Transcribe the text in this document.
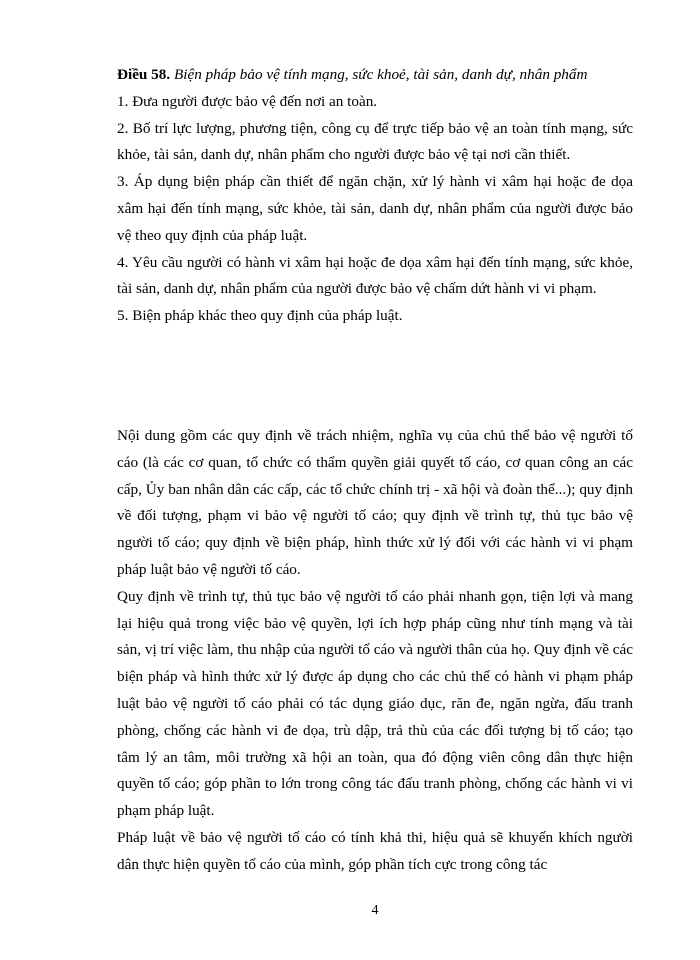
Điều 58. Biện pháp bảo vệ tính mạng, sức khoẻ, tài sản, danh dự, nhân phẩm

1. Đưa người được bảo vệ đến nơi an toàn.

2. Bố trí lực lượng, phương tiện, công cụ để trực tiếp bảo vệ an toàn tính mạng, sức khỏe, tài sản, danh dự, nhân phẩm cho người được bảo vệ tại nơi cần thiết.

3. Áp dụng biện pháp cần thiết để ngăn chặn, xử lý hành vi xâm hại hoặc đe dọa xâm hại đến tính mạng, sức khỏe, tài sản, danh dự, nhân phẩm của người được bảo vệ theo quy định của pháp luật.

4. Yêu cầu người có hành vi xâm hại hoặc đe dọa xâm hại đến tính mạng, sức khỏe, tài sản, danh dự, nhân phẩm của người được bảo vệ chấm dứt hành vi vi phạm.

5. Biện pháp khác theo quy định của pháp luật.

Nội dung gồm các quy định về trách nhiệm, nghĩa vụ của chủ thể bảo vệ người tố cáo (là các cơ quan, tổ chức có thẩm quyền giải quyết tố cáo, cơ quan công an các cấp, Ủy ban nhân dân các cấp, các tổ chức chính trị - xã hội và đoàn thể...); quy định về đối tượng, phạm vi bảo vệ người tố cáo; quy định về trình tự, thủ tục bảo vệ người tố cáo; quy định về biện pháp, hình thức xử lý đối với các hành vi vi phạm pháp luật bảo vệ người tố cáo.

Quy định về trình tự, thủ tục bảo vệ người tố cáo phải nhanh gọn, tiện lợi và mang lại hiệu quả trong việc bảo vệ quyền, lợi ích hợp pháp cũng như tính mạng và tài sản, vị trí việc làm, thu nhập của người tố cáo và người thân của họ. Quy định về các biện pháp và hình thức xử lý được áp dụng cho các chủ thể có hành vi phạm pháp luật bảo vệ người tố cáo phải có tác dụng giáo dục, răn đe, ngăn ngừa, đấu tranh phòng, chống các hành vi đe dọa, trù dập, trả thù của các đối tượng bị tố cáo; tạo tâm lý an tâm, môi trường xã hội an toàn, qua đó động viên công dân thực hiện quyền tố cáo; góp phần to lớn trong công tác đấu tranh phòng, chống các hành vi vi phạm pháp luật.

Pháp luật về bảo vệ người tố cáo có tính khả thi, hiệu quả sẽ khuyến khích người dân thực hiện quyền tố cáo của mình, góp phần tích cực trong công tác

4
